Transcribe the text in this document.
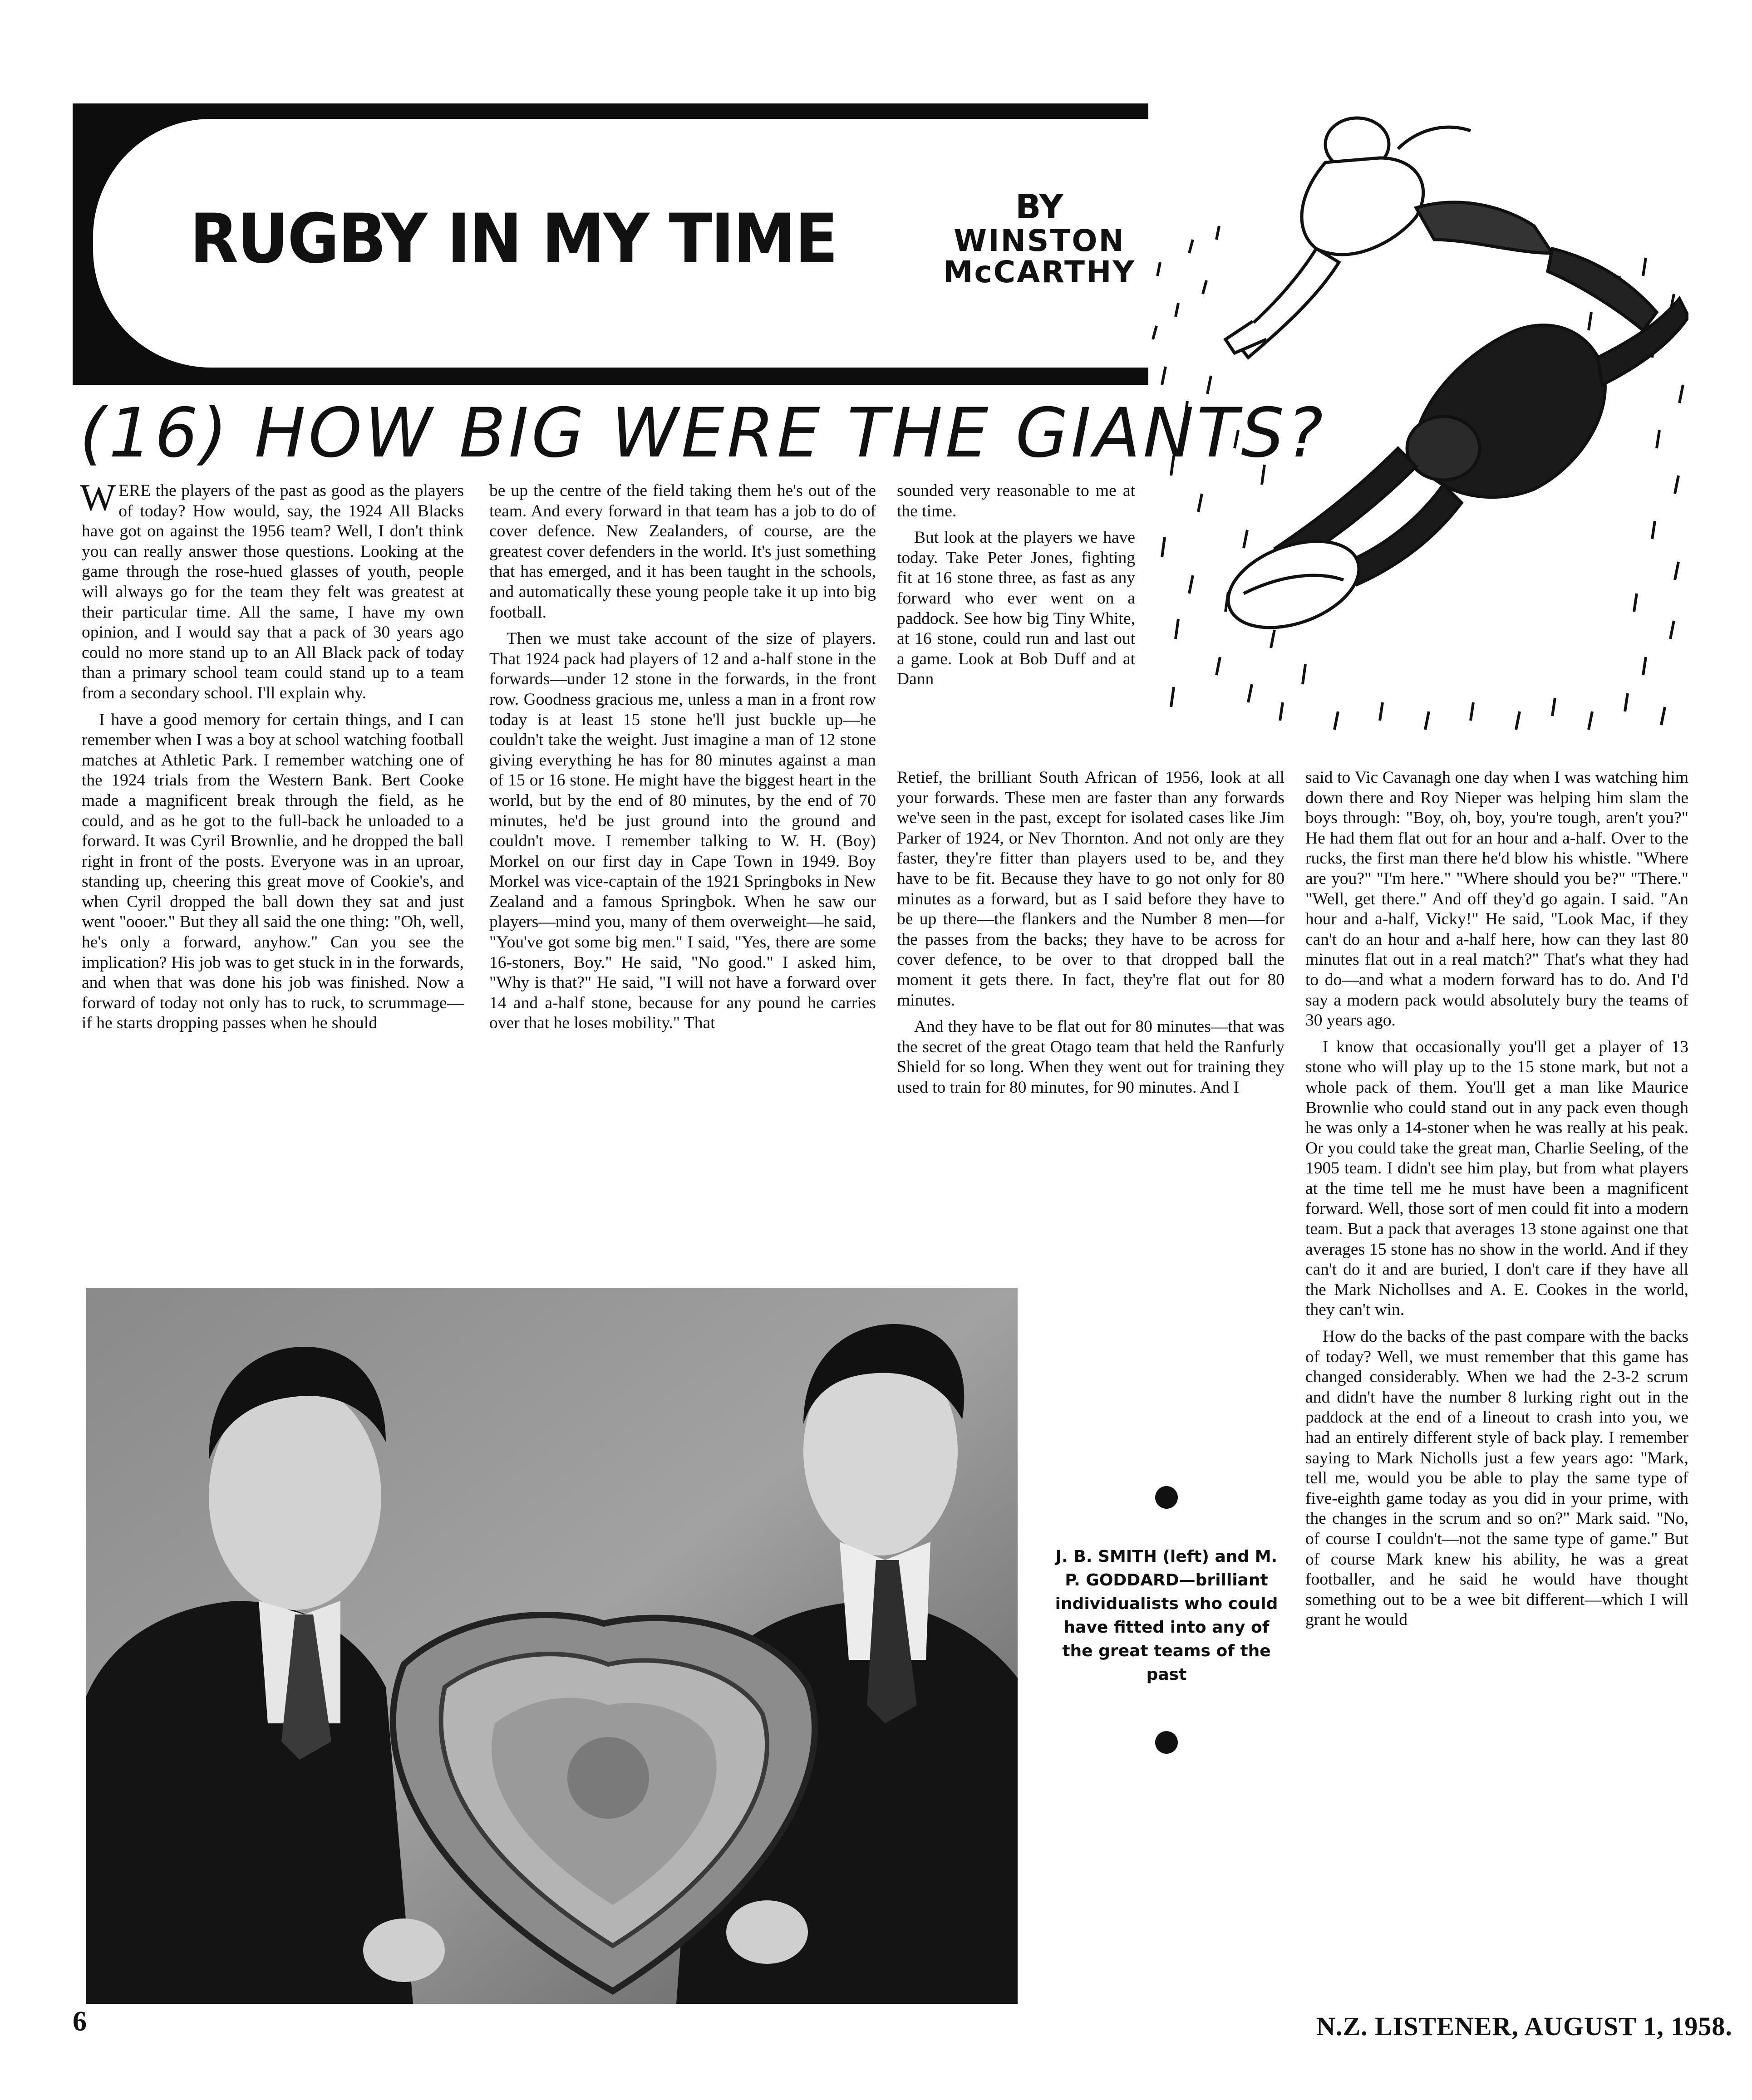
RUGBY IN MY TIME	BY
WINSTON
McCARTHY
(16) HOW BIG WERE THE GIANTS?

WERE the players of the past as good as the players of today? How would, say, the 1924 All Blacks have got on against the 1956 team? Well, I don't think you can really answer those questions. Looking at the game through the rose-hued glasses of youth, people will always go for the team they felt was greatest at their particular time. All the same, I have my own opinion, and I would say that a pack of 30 years ago could no more stand up to an All Black pack of today than a primary school team could stand up to a team from a secondary school. I'll explain why.

I have a good memory for certain things, and I can remember when I was a boy at school watching football matches at Athletic Park. I remember watching one of the 1924 trials from the Western Bank. Bert Cooke made a magnificent break through the field, as he could, and as he got to the full-back he unloaded to a forward. It was Cyril Brownlie, and he dropped the ball right in front of the posts. Everyone was in an uproar, standing up, cheering this great move of Cookie's, and when Cyril dropped the ball down they sat and just went "oooer." But they all said the one thing: "Oh, well, he's only a forward, anyhow." Can you see the implication? His job was to get stuck in in the forwards, and when that was done his job was finished. Now a forward of today not only has to ruck, to scrummage—if he starts dropping passes when he should

be up the centre of the field taking them he's out of the team. And every forward in that team has a job to do of cover defence. New Zealanders, of course, are the greatest cover defenders in the world. It's just something that has emerged, and it has been taught in the schools, and automatically these young people take it up into big football.

Then we must take account of the size of players. That 1924 pack had players of 12 and a-half stone in the forwards—under 12 stone in the forwards, in the front row. Goodness gracious me, unless a man in a front row today is at least 15 stone he'll just buckle up—he couldn't take the weight. Just imagine a man of 12 stone giving everything he has for 80 minutes against a man of 15 or 16 stone. He might have the biggest heart in the world, but by the end of 80 minutes, by the end of 70 minutes, he'd be just ground into the ground and couldn't move. I remember talking to W. H. (Boy) Morkel on our first day in Cape Town in 1949. Boy Morkel was vice-captain of the 1921 Springboks in New Zealand and a famous Springbok. When he saw our players—mind you, many of them overweight—he said, "You've got some big men." I said, "Yes, there are some 16-stoners, Boy." He said, "No good." I asked him, "Why is that?" He said, "I will not have a forward over 14 and a-half stone, because for any pound he carries over that he loses mobility." That

sounded very reasonable to me at the time.

But look at the players we have today. Take Peter Jones, fighting fit at 16 stone three, as fast as any forward who ever went on a paddock. See how big Tiny White, at 16 stone, could run and last out a game. Look at Bob Duff and at Dann

Retief, the brilliant South African of 1956, look at all your forwards. These men are faster than any forwards we've seen in the past, except for isolated cases like Jim Parker of 1924, or Nev Thornton. And not only are they faster, they're fitter than players used to be, and they have to be fit. Because they have to go not only for 80 minutes as a forward, but as I said before they have to be up there—the flankers and the Number 8 men—for the passes from the backs; they have to be across for cover defence, to be over to that dropped ball the moment it gets there. In fact, they're flat out for 80 minutes.

And they have to be flat out for 80 minutes—that was the secret of the great Otago team that held the Ranfurly Shield for so long. When they went out for training they used to train for 80 minutes, for 90 minutes. And I

said to Vic Cavanagh one day when I was watching him down there and Roy Nieper was helping him slam the boys through: "Boy, oh, boy, you're tough, aren't you?" He had them flat out for an hour and a-half. Over to the rucks, the first man there he'd blow his whistle. "Where are you?" "I'm here." "Where should you be?" "There." "Well, get there." And off they'd go again. I said. "An hour and a-half, Vicky!" He said, "Look Mac, if they can't do an hour and a-half here, how can they last 80 minutes flat out in a real match?" That's what they had to do—and what a modern forward has to do. And I'd say a modern pack would absolutely bury the teams of 30 years ago.

I know that occasionally you'll get a player of 13 stone who will play up to the 15 stone mark, but not a whole pack of them. You'll get a man like Maurice Brownlie who could stand out in any pack even though he was only a 14-stoner when he was really at his peak. Or you could take the great man, Charlie Seeling, of the 1905 team. I didn't see him play, but from what players at the time tell me he must have been a magnificent forward. Well, those sort of men could fit into a modern team. But a pack that averages 13 stone against one that averages 15 stone has no show in the world. And if they can't do it and are buried, I don't care if they have all the Mark Nichollses and A. E. Cookes in the world, they can't win.

How do the backs of the past compare with the backs of today? Well, we must remember that this game has changed considerably. When we had the 2-3-2 scrum and didn't have the number 8 lurking right out in the paddock at the end of a lineout to crash into you, we had an entirely different style of back play. I remember saying to Mark Nicholls just a few years ago: "Mark, tell me, would you be able to play the same type of five-eighth game today as you did in your prime, with the changes in the scrum and so on?" Mark said. "No, of course I couldn't—not the same type of game." But of course Mark knew his ability, he was a great footballer, and he said he would have thought something out to be a wee bit different—which I will grant he would

J. B. SMITH (left) and M. P. GODDARD—brilliant individualists who could have fitted into any of the great teams of the past
6	N.Z. LISTENER, AUGUST 1, 1958.
